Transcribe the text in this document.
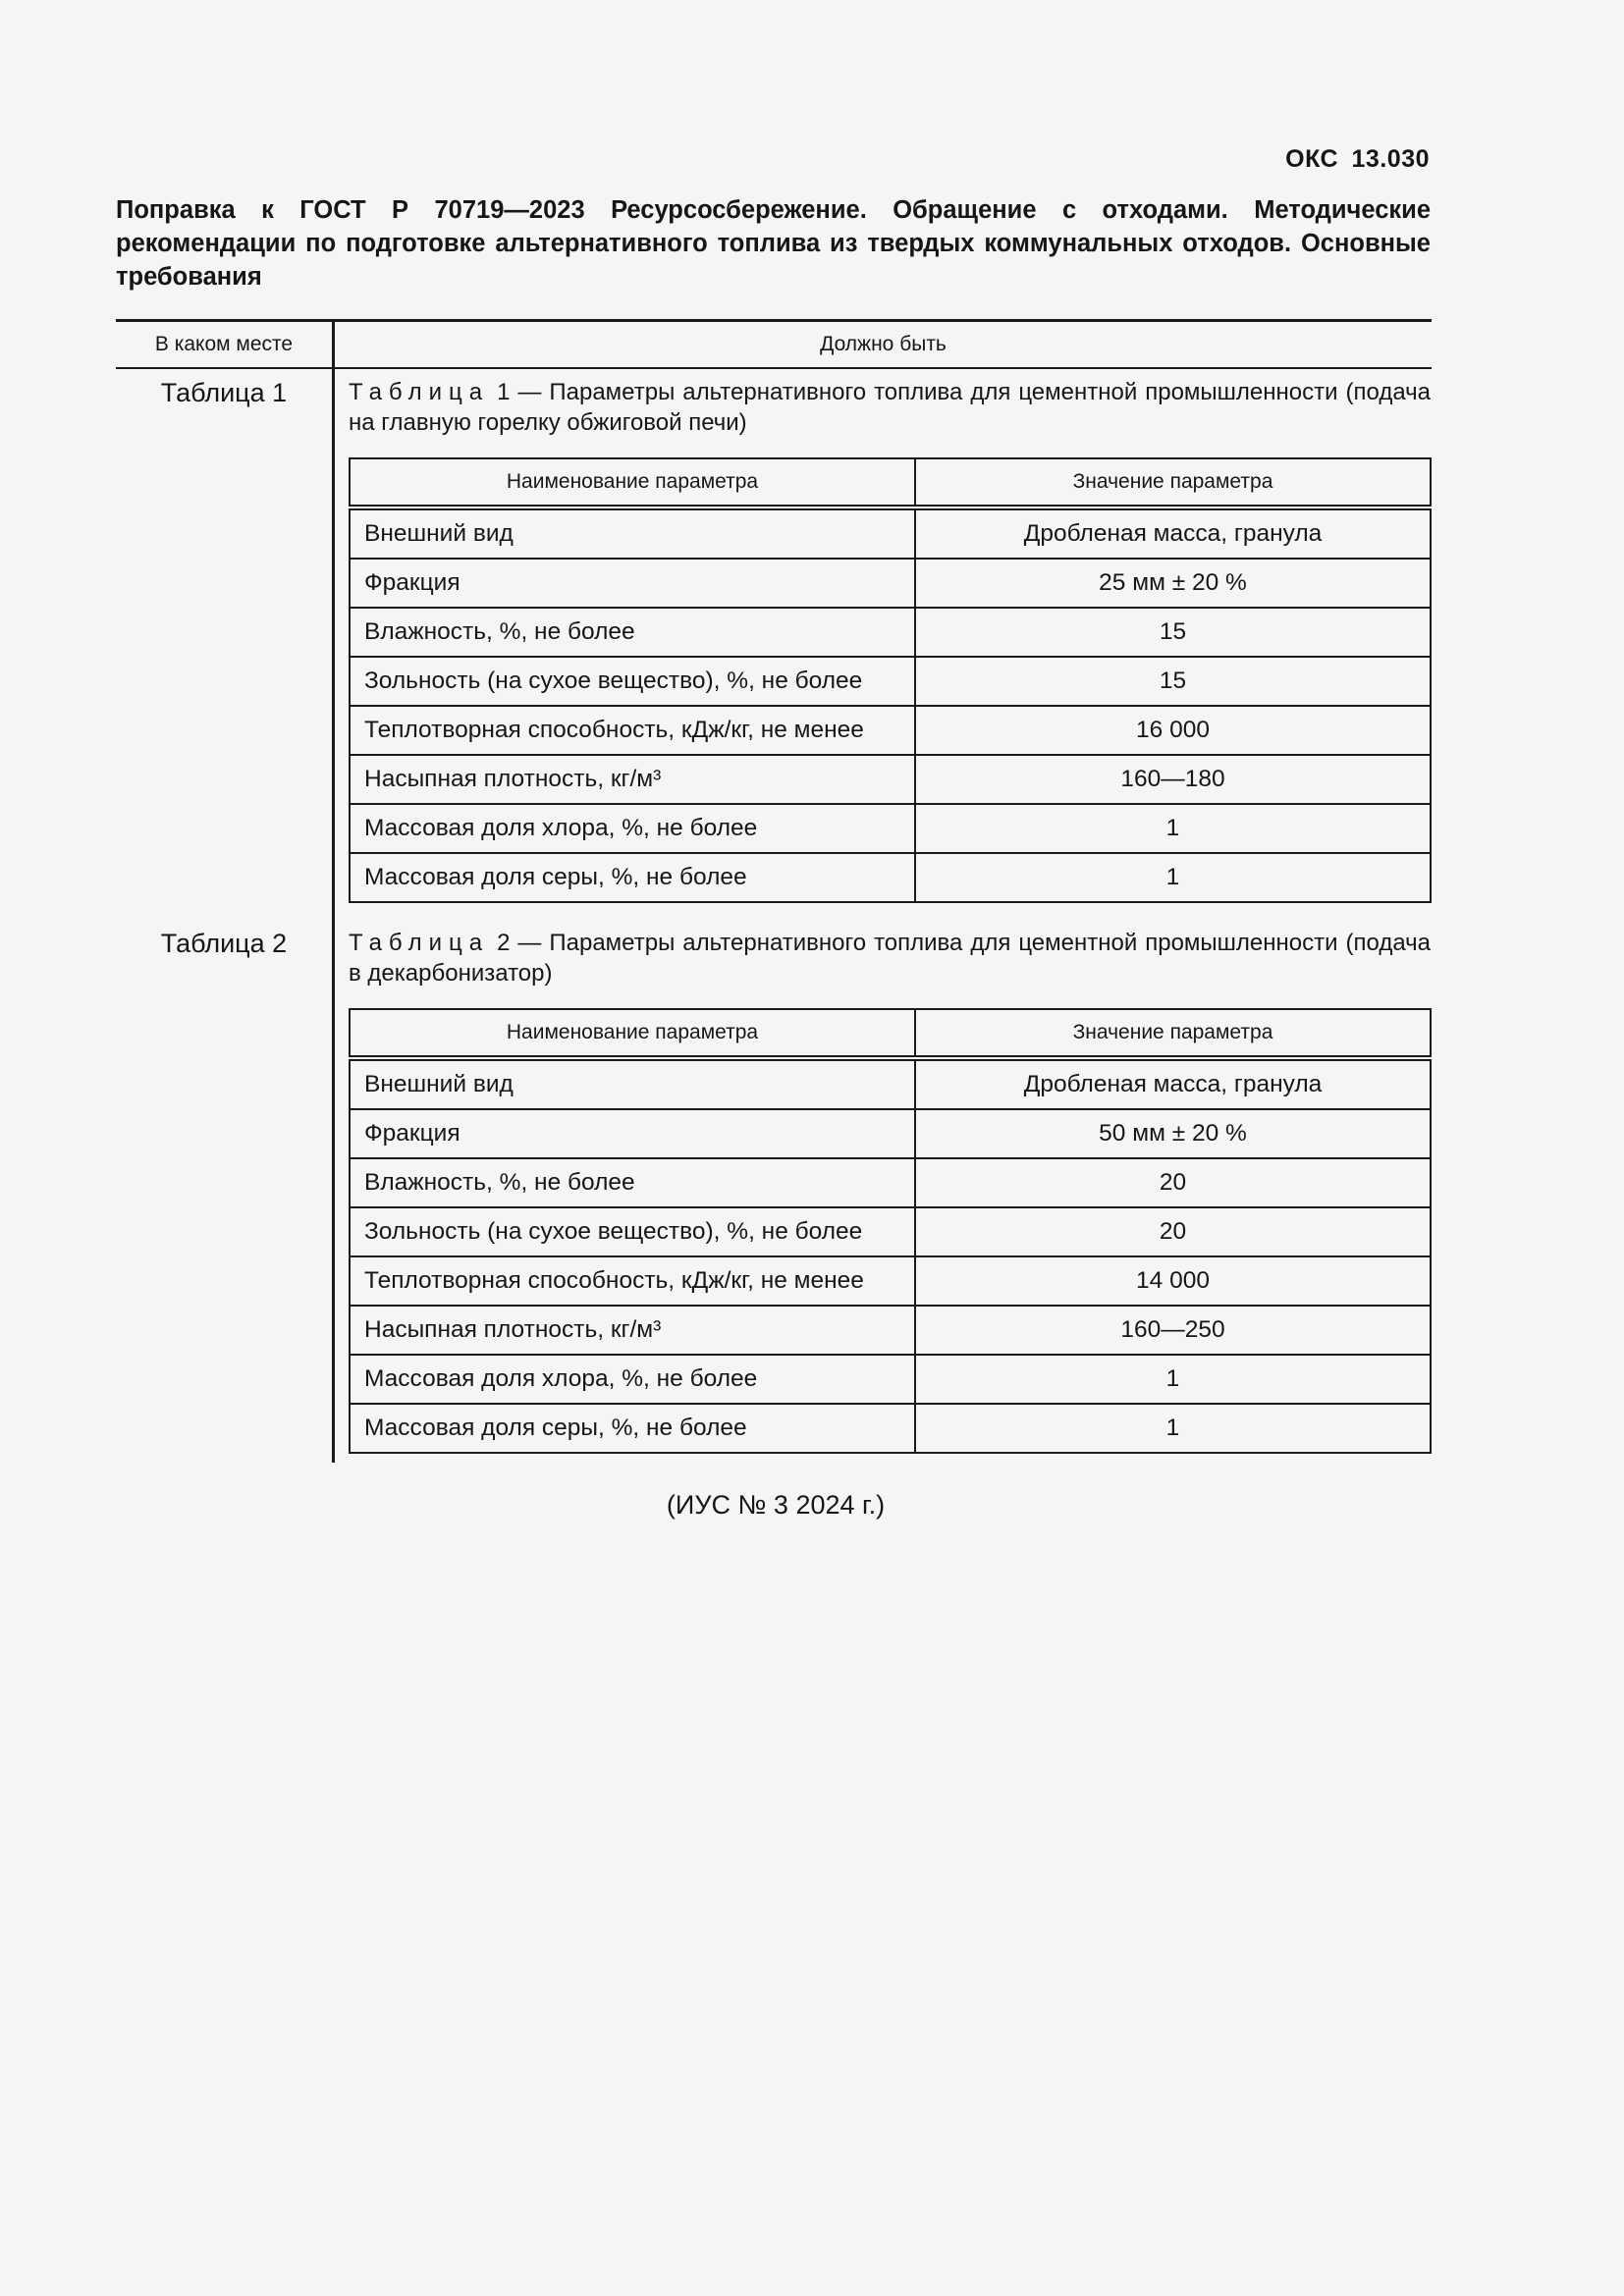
ОКС 13.030
Поправка к ГОСТ Р 70719—2023 Ресурсосбережение. Обращение с отходами. Методические рекомендации по подготовке альтернативного топлива из твердых коммунальных отходов. Основные требования
В каком месте	Должно быть
Таблица 1	Таблица 1 — Параметры альтернативного топлива для цементной промышленности (подача на главную горелку обжиговой печи)
Наименование параметра	Значение параметра
Внешний вид	Дробленая масса, гранула
Фракция	25 мм ± 20 %
Влажность, %, не более	15
Зольность (на сухое вещество), %, не более	15
Теплотворная способность, кДж/кг, не менее	16 000
Насыпная плотность, кг/м³	160—180
Массовая доля хлора, %, не более	1
Массовая доля серы, %, не более	1
Таблица 2	Таблица 2 — Параметры альтернативного топлива для цементной промышленности (подача в декарбонизатор)
Наименование параметра	Значение параметра
Внешний вид	Дробленая масса, гранула
Фракция	50 мм ± 20 %
Влажность, %, не более	20
Зольность (на сухое вещество), %, не более	20
Теплотворная способность, кДж/кг, не менее	14 000
Насыпная плотность, кг/м³	160—250
Массовая доля хлора, %, не более	1
Массовая доля серы, %, не более	1
(ИУС № 3 2024 г.)
